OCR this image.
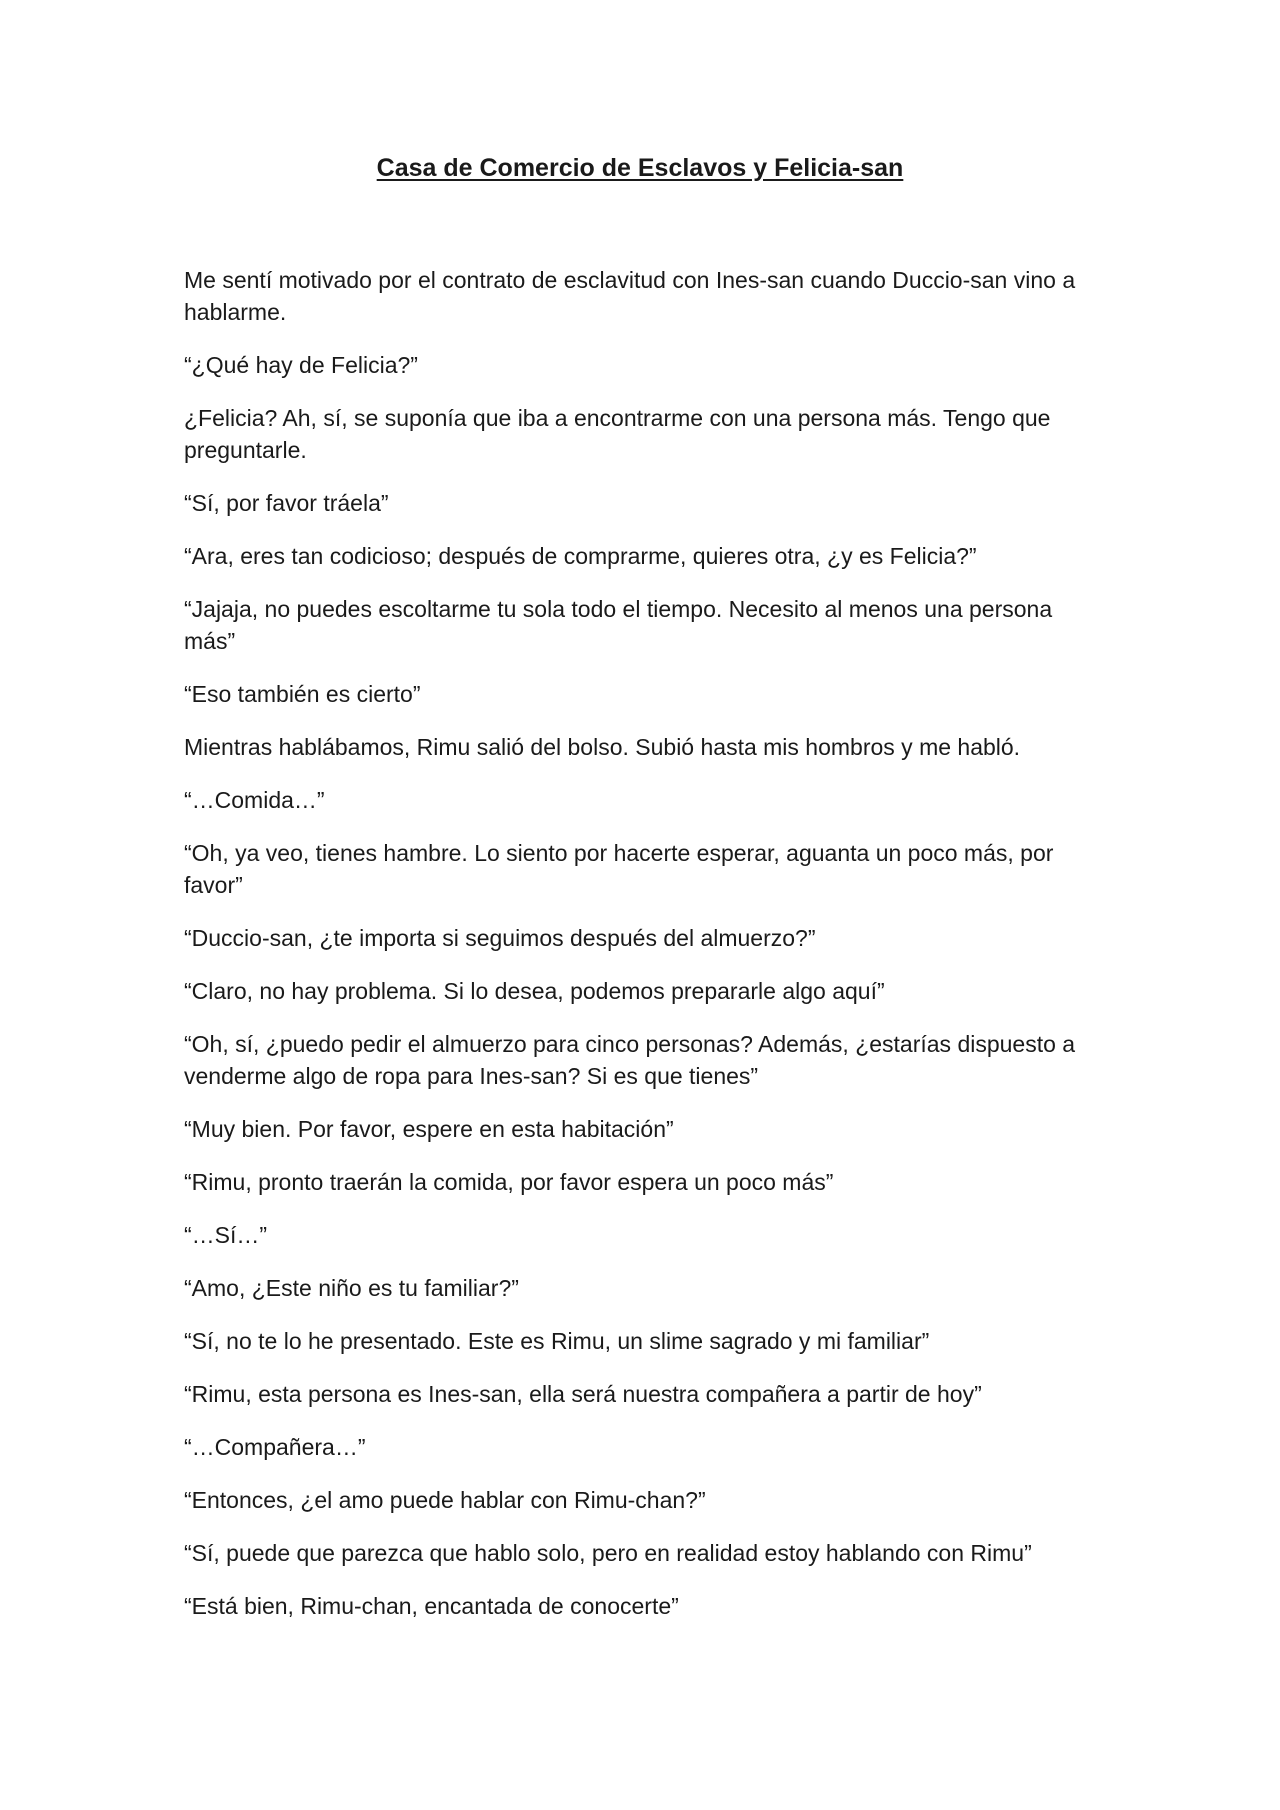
Casa de Comercio de Esclavos y Felicia-san

Me sentí motivado por el contrato de esclavitud con Ines-san cuando Duccio-san vino a hablarme.

“¿Qué hay de Felicia?”

¿Felicia? Ah, sí, se suponía que iba a encontrarme con una persona más. Tengo que preguntarle.

“Sí, por favor tráela”

“Ara, eres tan codicioso; después de comprarme, quieres otra, ¿y es Felicia?”

“Jajaja, no puedes escoltarme tu sola todo el tiempo. Necesito al menos una persona más”

“Eso también es cierto”

Mientras hablábamos, Rimu salió del bolso. Subió hasta mis hombros y me habló.

“…Comida…”

“Oh, ya veo, tienes hambre. Lo siento por hacerte esperar, aguanta un poco más, por favor”

“Duccio-san, ¿te importa si seguimos después del almuerzo?”

“Claro, no hay problema. Si lo desea, podemos prepararle algo aquí”

“Oh, sí, ¿puedo pedir el almuerzo para cinco personas? Además, ¿estarías dispuesto a venderme algo de ropa para Ines-san? Si es que tienes”

“Muy bien. Por favor, espere en esta habitación”

“Rimu, pronto traerán la comida, por favor espera un poco más”

“…Sí…”

“Amo, ¿Este niño es tu familiar?”

“Sí, no te lo he presentado. Este es Rimu, un slime sagrado y mi familiar”

“Rimu, esta persona es Ines-san, ella será nuestra compañera a partir de hoy”

“…Compañera…”

“Entonces, ¿el amo puede hablar con Rimu-chan?”

“Sí, puede que parezca que hablo solo, pero en realidad estoy hablando con Rimu”

“Está bien, Rimu-chan, encantada de conocerte”
